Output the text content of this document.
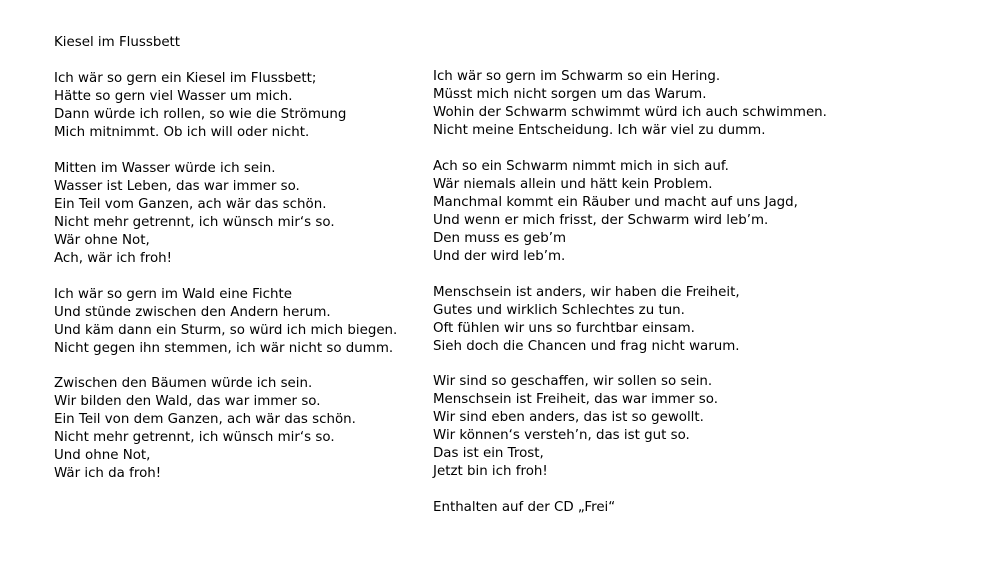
Kiesel im Flussbett
Ich wär so gern ein Kiesel im Flussbett;
Hätte so gern viel Wasser um mich.
Dann würde ich rollen, so wie die Strömung
Mich mitnimmt. Ob ich will oder nicht.
Mitten im Wasser würde ich sein.
Wasser ist Leben, das war immer so.
Ein Teil vom Ganzen, ach wär das schön.
Nicht mehr getrennt, ich wünsch mir‘s so.
Wär ohne Not,
Ach, wär ich froh!
Ich wär so gern im Wald eine Fichte
Und stünde zwischen den Andern herum.
Und käm dann ein Sturm, so würd ich mich biegen.
Nicht gegen ihn stemmen, ich wär nicht so dumm.
Zwischen den Bäumen würde ich sein.
Wir bilden den Wald, das war immer so.
Ein Teil von dem Ganzen, ach wär das schön.
Nicht mehr getrennt, ich wünsch mir‘s so.
Und ohne Not,
Wär ich da froh!
Ich wär so gern im Schwarm so ein Hering.
Müsst mich nicht sorgen um das Warum.
Wohin der Schwarm schwimmt würd ich auch schwimmen.
Nicht meine Entscheidung. Ich wär viel zu dumm.
Ach so ein Schwarm nimmt mich in sich auf.
Wär niemals allein und hätt kein Problem.
Manchmal kommt ein Räuber und macht auf uns Jagd,
Und wenn er mich frisst, der Schwarm wird leb’m.
Den muss es geb’m
Und der wird leb’m.
Menschsein ist anders, wir haben die Freiheit,
Gutes und wirklich Schlechtes zu tun.
Oft fühlen wir uns so furchtbar einsam.
Sieh doch die Chancen und frag nicht warum.
Wir sind so geschaffen, wir sollen so sein.
Menschsein ist Freiheit, das war immer so.
Wir sind eben anders, das ist so gewollt.
Wir können‘s versteh’n, das ist gut so.
Das ist ein Trost,
Jetzt bin ich froh!
Enthalten auf der CD „Frei“
